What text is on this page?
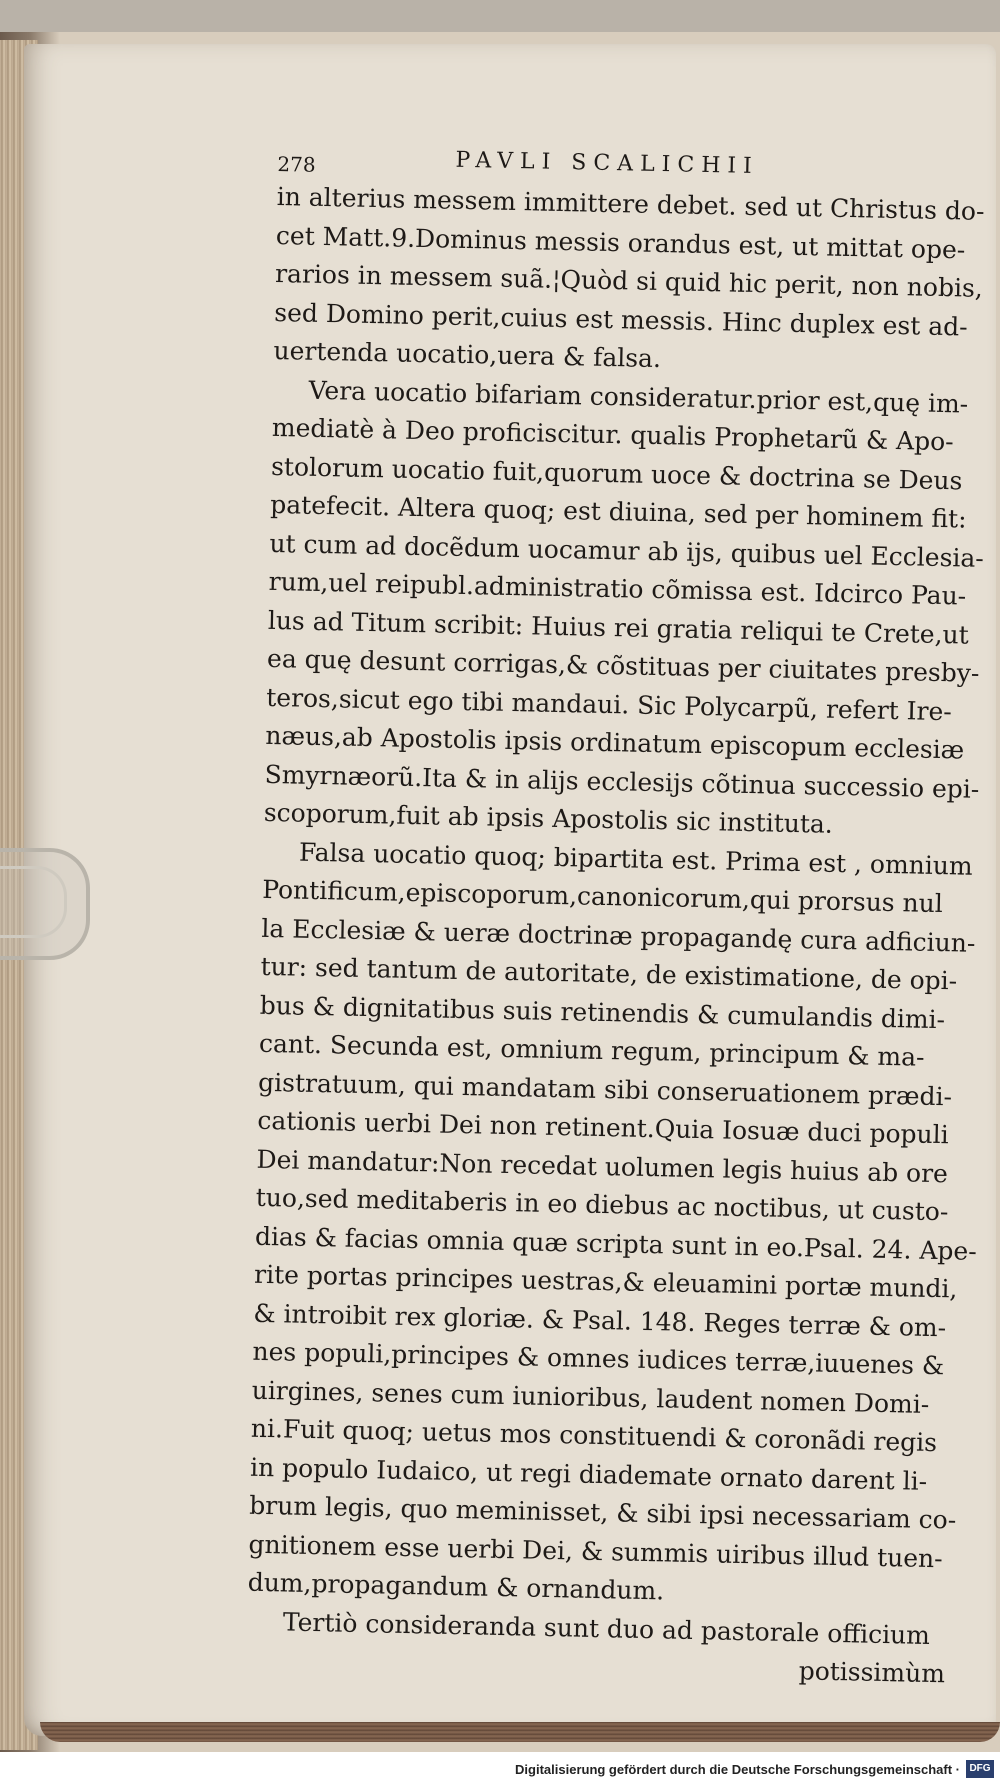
278	PAVLI SCALICHII
in alterius messem immittere debet. sed ut Christus do-
cet Matt.9.Dominus messis orandus est, ut mittat ope-
rarios in messem suã.¦Quòd si quid hic perit, non nobis,
sed Domino perit,cuius est messis. Hinc duplex est ad-
uertenda uocatio,uera & falsa.
Vera uocatio bifariam consideratur.prior est,quę im-
mediatè à Deo proficiscitur. qualis Prophetarũ & Apo-
stolorum uocatio fuit,quorum uoce & doctrina se Deus
patefecit. Altera quoq; est diuina, sed per hominem fit:
ut cum ad docẽdum uocamur ab ijs, quibus uel Ecclesia-
rum,uel reipubl.administratio cõmissa est. Idcirco Pau-
lus ad Titum scribit: Huius rei gratia reliqui te Crete,ut
ea quę desunt corrigas,& cõstituas per ciuitates presby-
teros,sicut ego tibi mandaui. Sic Polycarpũ, refert Ire-
næus,ab Apostolis ipsis ordinatum episcopum ecclesiæ
Smyrnæorũ.Ita & in alijs ecclesijs cõtinua successio epi-
scoporum,fuit ab ipsis Apostolis sic instituta.
Falsa uocatio quoq; bipartita est. Prima est , omnium
Pontificum,episcoporum,canonicorum,qui prorsus nul
la Ecclesiæ & ueræ doctrinæ propagandę cura adficiun-
tur: sed tantum de autoritate, de existimatione, de opi-
bus & dignitatibus suis retinendis & cumulandis dimi-
cant. Secunda est, omnium regum, principum & ma-
gistratuum, qui mandatam sibi conseruationem prædi-
cationis uerbi Dei non retinent.Quia Iosuæ duci populi
Dei mandatur:Non recedat uolumen legis huius ab ore
tuo,sed meditaberis in eo diebus ac noctibus, ut custo-
dias & facias omnia quæ scripta sunt in eo.Psal. 24. Ape-
rite portas principes uestras,& eleuamini portæ mundi,
& introibit rex gloriæ. & Psal. 148. Reges terræ & om-
nes populi,principes & omnes iudices terræ,iuuenes &
uirgines, senes cum iunioribus, laudent nomen Domi-
ni.Fuit quoq; uetus mos constituendi & coronãdi regis
in populo Iudaico, ut regi diademate ornato darent li-
brum legis, quo meminisset, & sibi ipsi necessariam co-
gnitionem esse uerbi Dei, & summis uiribus illud tuen-
dum,propagandum & ornandum.
Tertiò consideranda sunt duo ad pastorale officium
potissimùm
Digitalisierung gefördert durch die Deutsche Forschungsgemeinschaft · DFG
